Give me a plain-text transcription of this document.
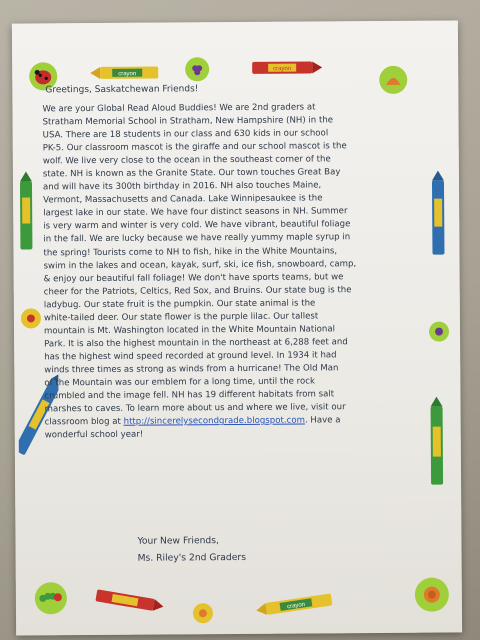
crayon
crayon
crayon
Greetings, Saskatchewan Friends!
We are your Global Read Aloud Buddies! We are 2nd graders at
Stratham Memorial School in Stratham, New Hampshire (NH) in the
USA. There are 18 students in our class and 630 kids in our school
PK-5. Our classroom mascot is the giraffe and our school mascot is the
wolf. We live very close to the ocean in the southeast corner of the
state. NH is known as the Granite State. Our town touches Great Bay
and will have its 300th birthday in 2016. NH also touches Maine,
Vermont, Massachusetts and Canada. Lake Winnipesaukee is the
largest lake in our state. We have four distinct seasons in NH. Summer
is very warm and winter is very cold. We have vibrant, beautiful foliage
in the fall. We are lucky because we have really yummy maple syrup in
the spring! Tourists come to NH to fish, hike in the White Mountains,
swim in the lakes and ocean, kayak, surf, ski, ice fish, snowboard, camp,
& enjoy our beautiful fall foliage! We don't have sports teams, but we
cheer for the Patriots, Celtics, Red Sox, and Bruins. Our state bug is the
ladybug. Our state fruit is the pumpkin. Our state animal is the
white-tailed deer. Our state flower is the purple lilac. Our tallest
mountain is Mt. Washington located in the White Mountain National
Park. It is also the highest mountain in the northeast at 6,288 feet and
has the highest wind speed recorded at ground level. In 1934 it had
winds three times as strong as winds from a hurricane! The Old Man
of the Mountain was our emblem for a long time, until the rock
crumbled and the image fell. NH has 19 different habitats from salt
marshes to caves. To learn more about us and where we live, visit our
classroom blog at http://sincerelysecondgrade.blogspot.com. Have a
wonderful school year!
Your New Friends,
Ms. Riley's 2nd Graders
